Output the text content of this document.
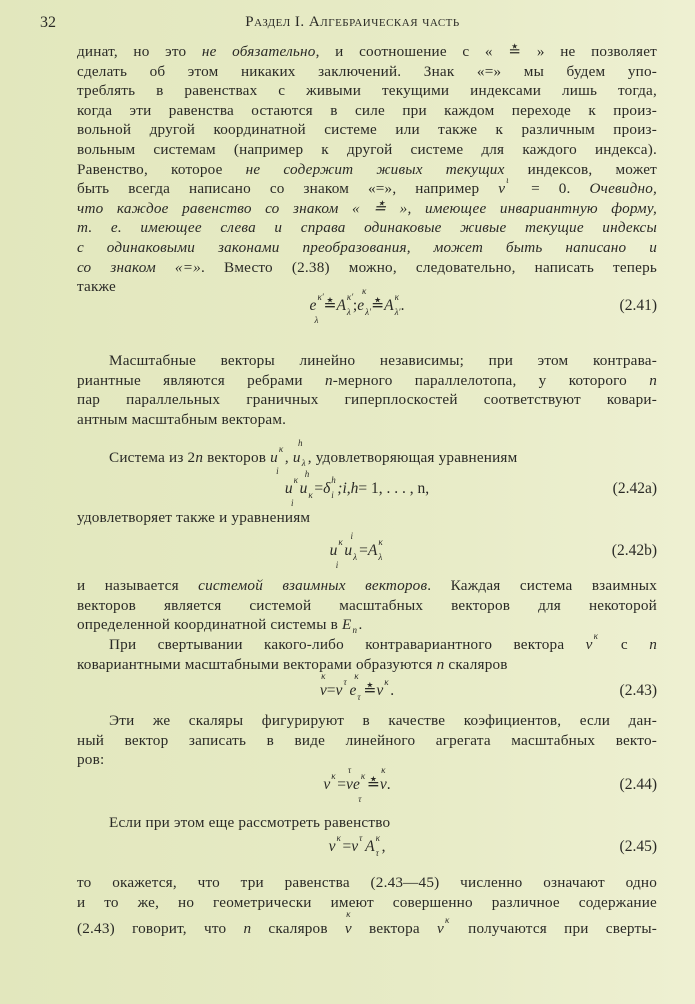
32	Раздел I. Алгебраическая часть
динат, но это не обязательно, и соотношение с « ≛ » не позволяет
сделать об этом никаких заключений. Знак «=» мы будем упо-
треблять в равенствах с живыми текущими индексами лишь тогда,
когда эти равенства остаются в силе при каждом переходе к произ-
вольной другой координатной системе или также к различным произ-
вольным системам (например к другой системе для каждого индекса).
Равенство, которое не содержит живых текущих индексов, может
быть всегда написано со знаком «=», например v ι = 0. Очевидно,
что каждое равенство со знаком « ≛ », имеющее инвариантную форму,
т. е. имеющее слева и справа одинаковые живые текущие индексы
с одинаковыми законами преобразования, может быть написано и
со знаком «=». Вместо (2.38) можно, следовательно, написать теперь
также
e κ′
λ
≛A κ′
λ ;e λ′
κ
≛A κ
λ′ .	(2.41)
Масштабные векторы линейно независимы; при этом контрава-
риантные являются ребрами n-мерного параллелотопа, у которого n
пар параллельных граничных гиперплоскостей соответствуют ковари-
антным масштабным векторам.
Система из 2n векторов u κ
i
, u λ
h
, удовлетворяющая уравнениям
u κ
i
u κ
h
=δ h
i ;i,h= 1, . . . , n,	(2.42a)
удовлетворяет также и уравнениям
u κ
i
u λ
i
=A κ
λ	(2.42b)
и называется системой взаимных векторов. Каждая система взаимных
векторов является системой масштабных векторов для некоторой
определенной координатной системы в E n .
При свертывании какого-либо контравариантного вектора v κ с n
ковариантными масштабными векторами образуются n скаляров
v
κ
=v τ e τ
κ
≛v κ .	(2.43)
Эти же скаляры фигурируют в качестве коэфициентов, если дан-
ный вектор записать в виде линейного агрегата масштабных векто-
ров:
v κ =v
τ
e κ
τ
≛v
κ
.	(2.44)
Если при этом еще рассмотреть равенство
v κ =v τ A κ
τ ,	(2.45)
то окажется, что три равенства (2.43—45) численно означают одно
и то же, но геометрически имеют совершенно различное содержание
(2.43) говорит, что n скаляров v
κ
вектора v κ получаются при сверты-
